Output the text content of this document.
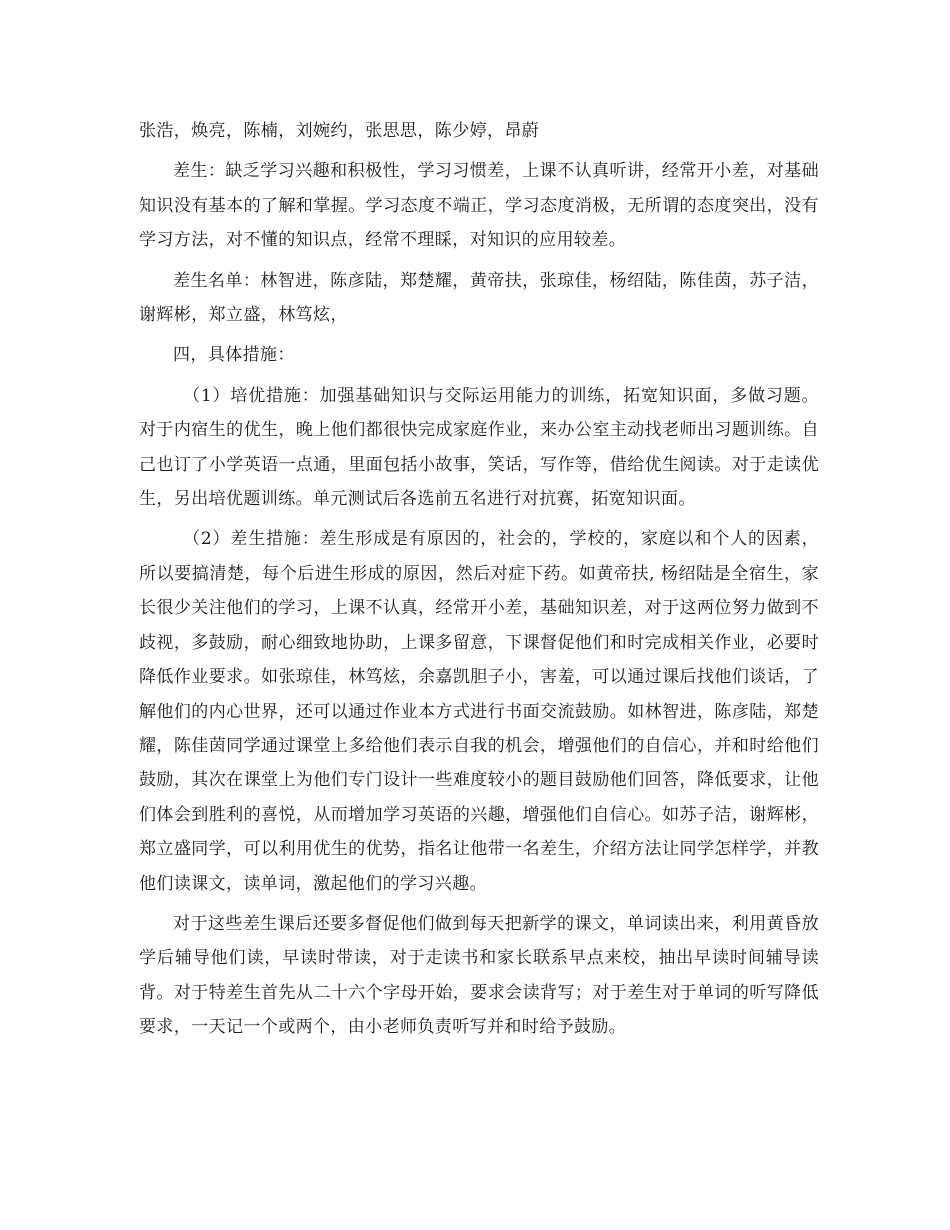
张浩，焕亮，陈楠，刘婉约，张思思，陈少婷，昂蔚

差生：缺乏学习兴趣和积极性，学习习惯差，上课不认真听讲，经常开小差，对基础知识没有基本的了解和掌握。学习态度不端正，学习态度消极，无所谓的态度突出，没有学习方法，对不懂的知识点，经常不理睬，对知识的应用较差。

差生名单：林智进，陈彦陆，郑楚耀，黄帝扶，张琼佳，杨绍陆，陈佳茵，苏子洁，谢辉彬，郑立盛，林笃炫，

四，具体措施：

（1）培优措施：加强基础知识与交际运用能力的训练，拓宽知识面，多做习题。对于内宿生的优生，晚上他们都很快完成家庭作业，来办公室主动找老师出习题训练。自己也订了小学英语一点通，里面包括小故事，笑话，写作等，借给优生阅读。对于走读优生，另出培优题训练。单元测试后各选前五名进行对抗赛，拓宽知识面。

（2）差生措施：差生形成是有原因的，社会的，学校的，家庭以和个人的因素，所以要搞清楚，每个后进生形成的原因，然后对症下药。如黄帝扶, 杨绍陆是全宿生，家长很少关注他们的学习，上课不认真，经常开小差，基础知识差，对于这两位努力做到不歧视，多鼓励，耐心细致地协助，上课多留意，下课督促他们和时完成相关作业，必要时降低作业要求。如张琼佳，林笃炫，余嘉凯胆子小，害羞，可以通过课后找他们谈话，了解他们的内心世界，还可以通过作业本方式进行书面交流鼓励。如林智进，陈彦陆，郑楚耀，陈佳茵同学通过课堂上多给他们表示自我的机会，增强他们的自信心，并和时给他们鼓励，其次在课堂上为他们专门设计一些难度较小的题目鼓励他们回答，降低要求，让他们体会到胜利的喜悦，从而增加学习英语的兴趣，增强他们自信心。如苏子洁，谢辉彬，郑立盛同学，可以利用优生的优势，指名让他带一名差生，介绍方法让同学怎样学，并教他们读课文，读单词，激起他们的学习兴趣。

对于这些差生课后还要多督促他们做到每天把新学的课文，单词读出来，利用黄昏放学后辅导他们读，早读时带读，对于走读书和家长联系早点来校，抽出早读时间辅导读背。对于特差生首先从二十六个字母开始，要求会读背写；对于差生对于单词的听写降低要求，一天记一个或两个，由小老师负责听写并和时给予鼓励。
